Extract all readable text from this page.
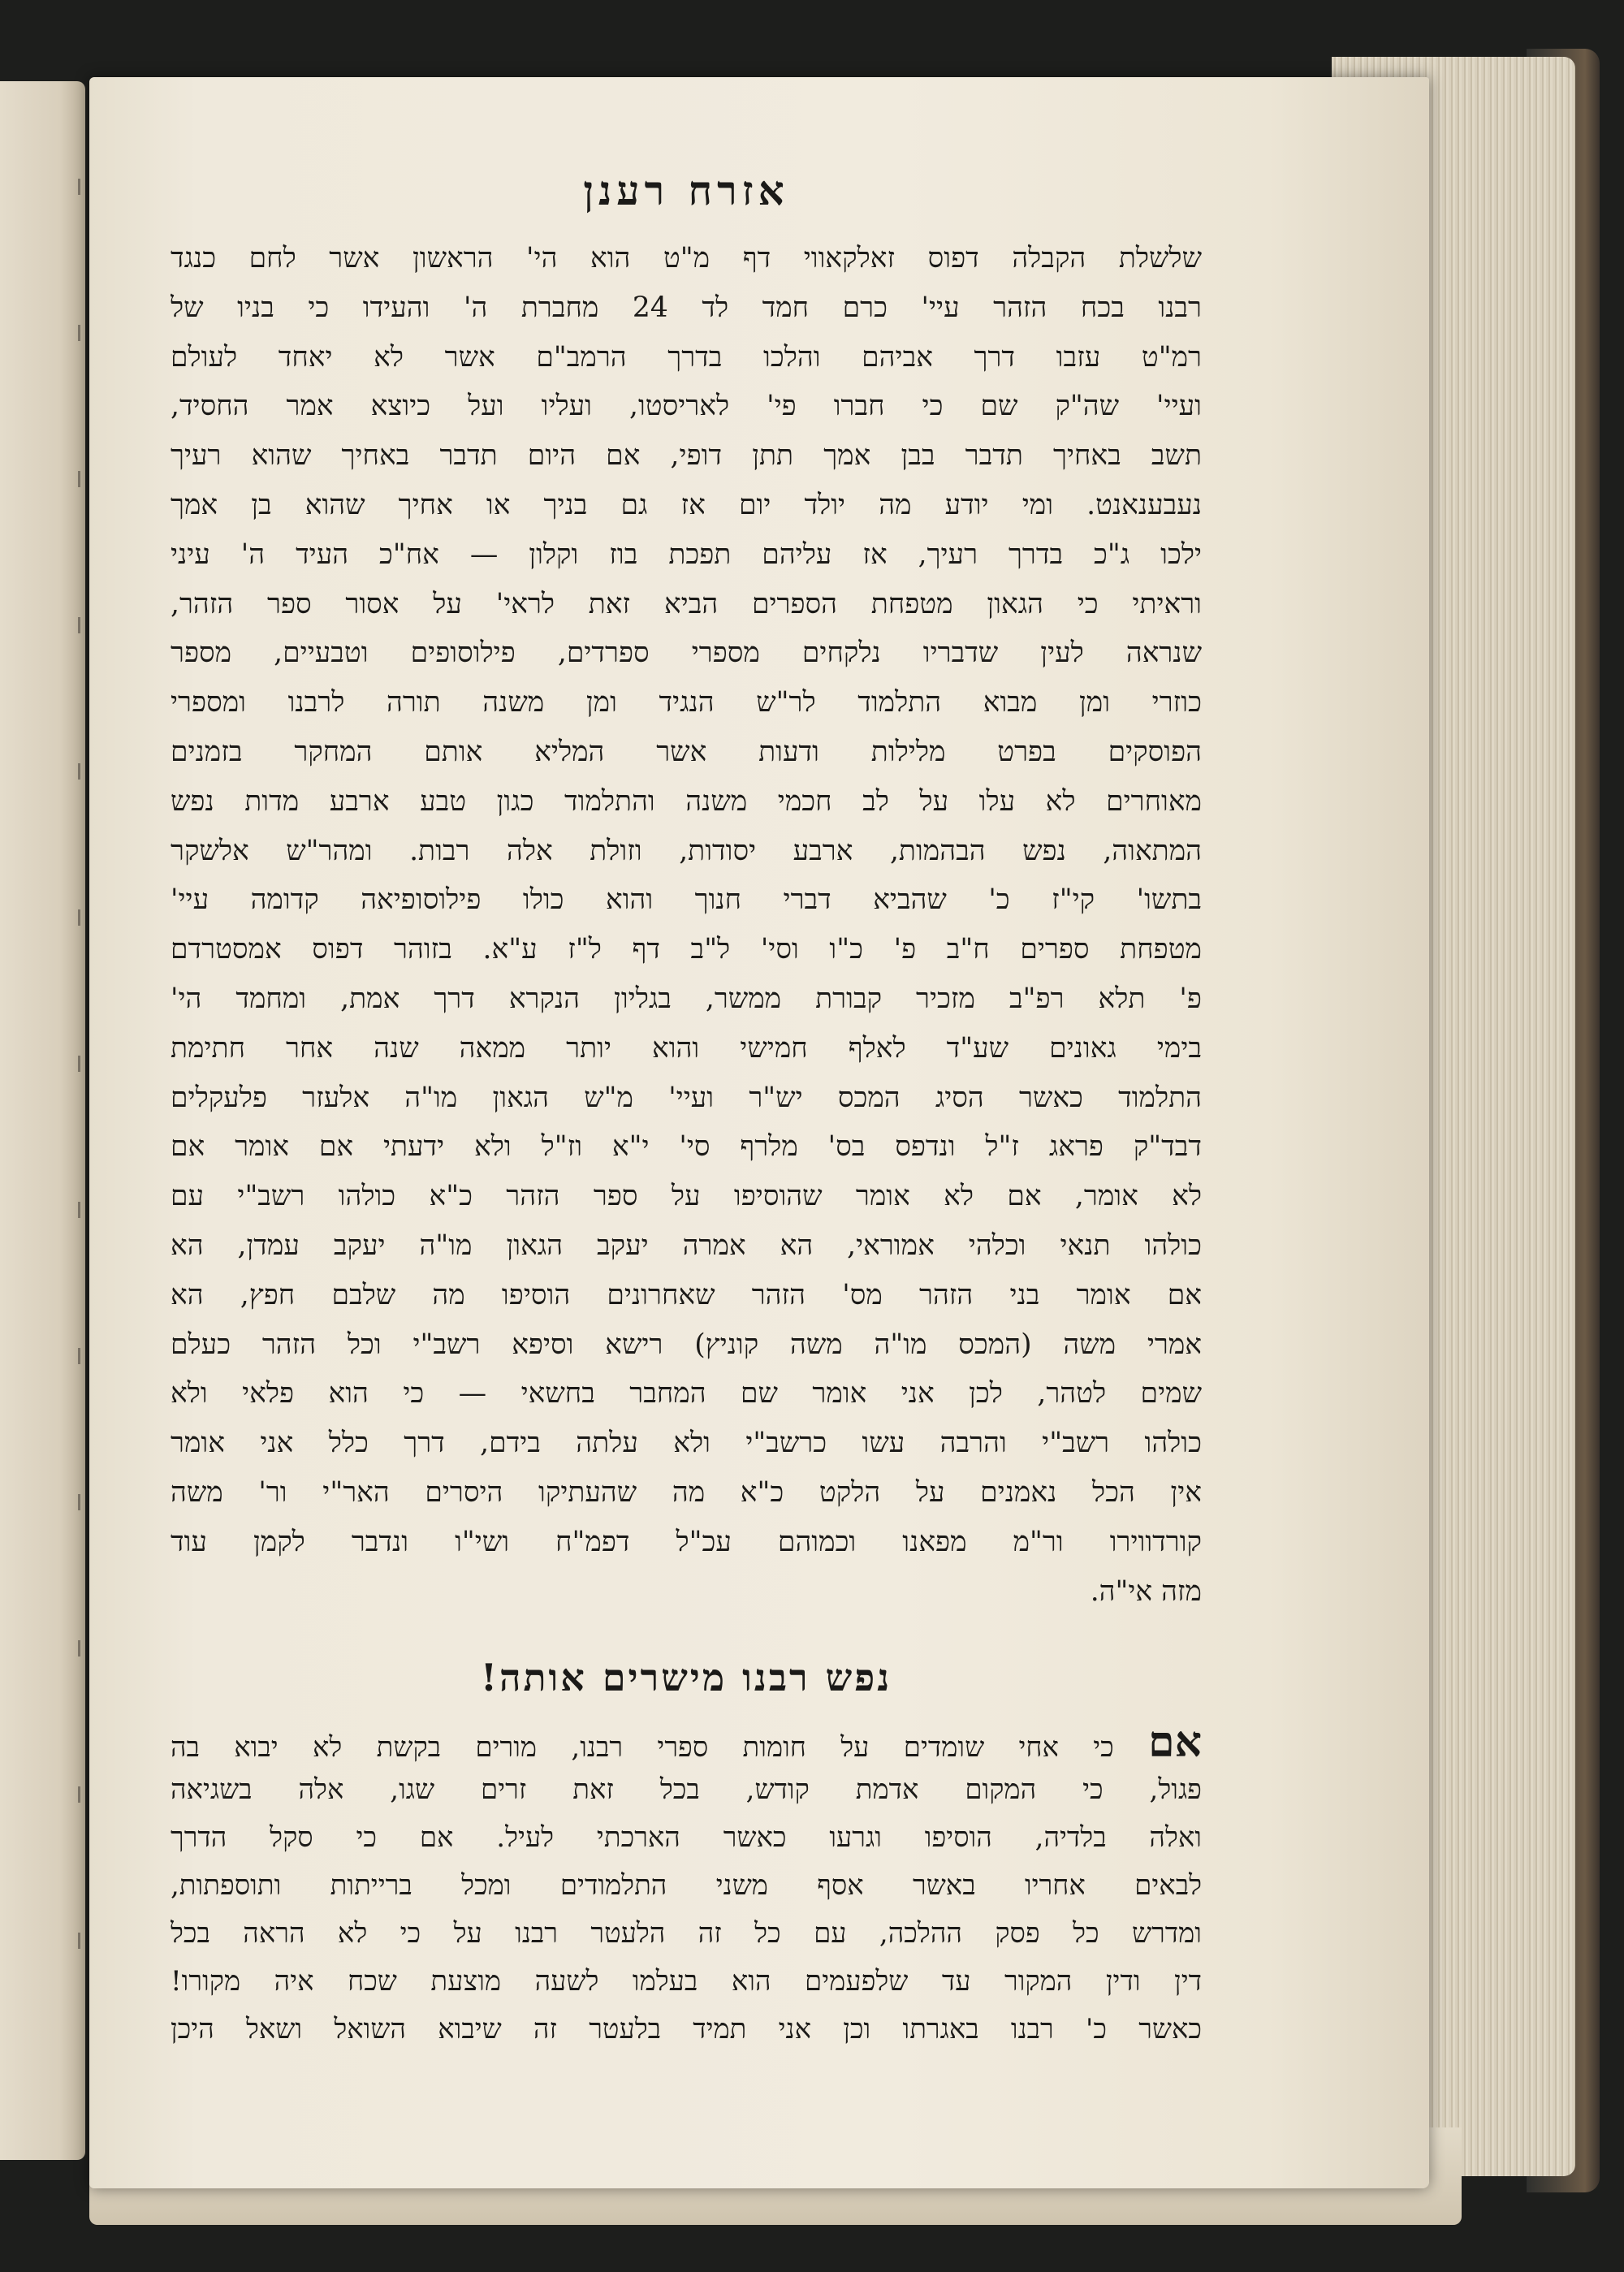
אזרח רענן
שלשלת הקבלה דפוס זאלקאווי דף מ"ט הוא הי' הראשון אשר לחם כנגד
רבנו בכח הזהר עיי' כרם חמד לד 24 מחברת ה' והעידו כי בניו של
רמ"ט עזבו דרך אביהם והלכו בדרך הרמב"ם אשר לא יאחד לעולם
ועיי' שה"ק שם כי חברו פי' לאריסטו, ועליו ועל כיוצא אמר החסיד,
תשב באחיך תדבר בבן אמך תתן דופי, אם היום תדבר באחיך שהוא רעיך
נעבענאנט. ומי יודע מה יולד יום אז גם בניך או אחיך שהוא בן אמך
ילכו ג"כ בדרך רעיך, אז עליהם תפכת בוז וקלון — אח"כ העיד ה' עיני
וראיתי כי הגאון מטפחת הספרים הביא זאת לראי' על אסור ספר הזהר,
שנראה לעין שדבריו נלקחים מספרי ספרדים, פילוסופים וטבעיים, מספר
כוזרי ומן מבוא התלמוד לר"ש הנגיד ומן משנה תורה לרבנו ומספרי
הפוסקים בפרט מלילות ודעות אשר המליא אותם המחקר בזמנים
מאוחרים לא עלו על לב חכמי משנה והתלמוד כגון טבע ארבע מדות נפש
המתאוה, נפש הבהמות, ארבע יסודות, וזולת אלה רבות. ומהר"ש אלשקר
בתשו' קי"ז כ' שהביא דברי חנוך והוא כולו פילוסופיאה קדומה עיי'
מטפחת ספרים ח"ב פ' כ"ו וסי' ל"ב דף ל"ז ע"א. בזוהר דפוס אמסטרדם
פ' תלא רפ"ב מזכיר קבורת ממשר, בגליון הנקרא דרך אמת, ומחמד הי'
בימי גאונים שע"ד לאלף חמישי והוא יותר ממאה שנה אחר חתימת
התלמוד כאשר הסיג המכס יש"ר ועיי' מ"ש הגאון מו"ה אלעזר פלעקלים
דבד"ק פראג ז"ל ונדפס בס' מלרף סי' י"א וז"ל ולא ידעתי אם אומר אם
לא אומר, אם לא אומר שהוסיפו על ספר הזהר כ"א כולהו רשב"י עם
כולהו תנאי וכלהי אמוראי, הא אמרה יעקב הגאון מו"ה יעקב עמדן, הא
אם אומר בני הזהר מס' הזהר שאחרונים הוסיפו מה שלבם חפץ, הא
אמרי משה (המכס מו"ה משה קוניץ) רישא וסיפא רשב"י וכל הזהר כעלם
שמים לטהר, לכן אני אומר שם המחבר בחשאי — כי הוא פלאי ולא
כולהו רשב"י והרבה עשו כרשב"י ולא עלתה בידם, דרך כלל אני אומר
אין הכל נאמנים על הלקט כ"א מה שהעתיקו היסרים האר"י ור' משה
קורדווירו ור"מ מפאנו וכמוהם עכ"ל דפמ"ח ושי"ו ונדבר לקמן עוד
מזה אי"ה.
נפש רבנו מישרים אותה!
אם כי אחי שומדים על חומות ספרי רבנו, מורים בקשת לא יבוא בה
פגול, כי המקום אדמת קודש, בכל זאת זרים שגו, אלה בשגיאה
ואלה בלדיה, הוסיפו וגרעו כאשר הארכתי לעיל. אם כי סקל הדרך
לבאים אחריו באשר אסף משני התלמודים ומכל ברייתות ותוספתות,
ומדרש כל פסק ההלכה, עם כל זה הלעטר רבנו על כי לא הראה בכל
דין ודין המקור עד שלפעמים הוא בעלמו לשעה מוצעת שכח איה מקורו!
כאשר כ' רבנו באגרתו וכן אני תמיד בלעטר זה שיבוא השואל ושאל היכן
